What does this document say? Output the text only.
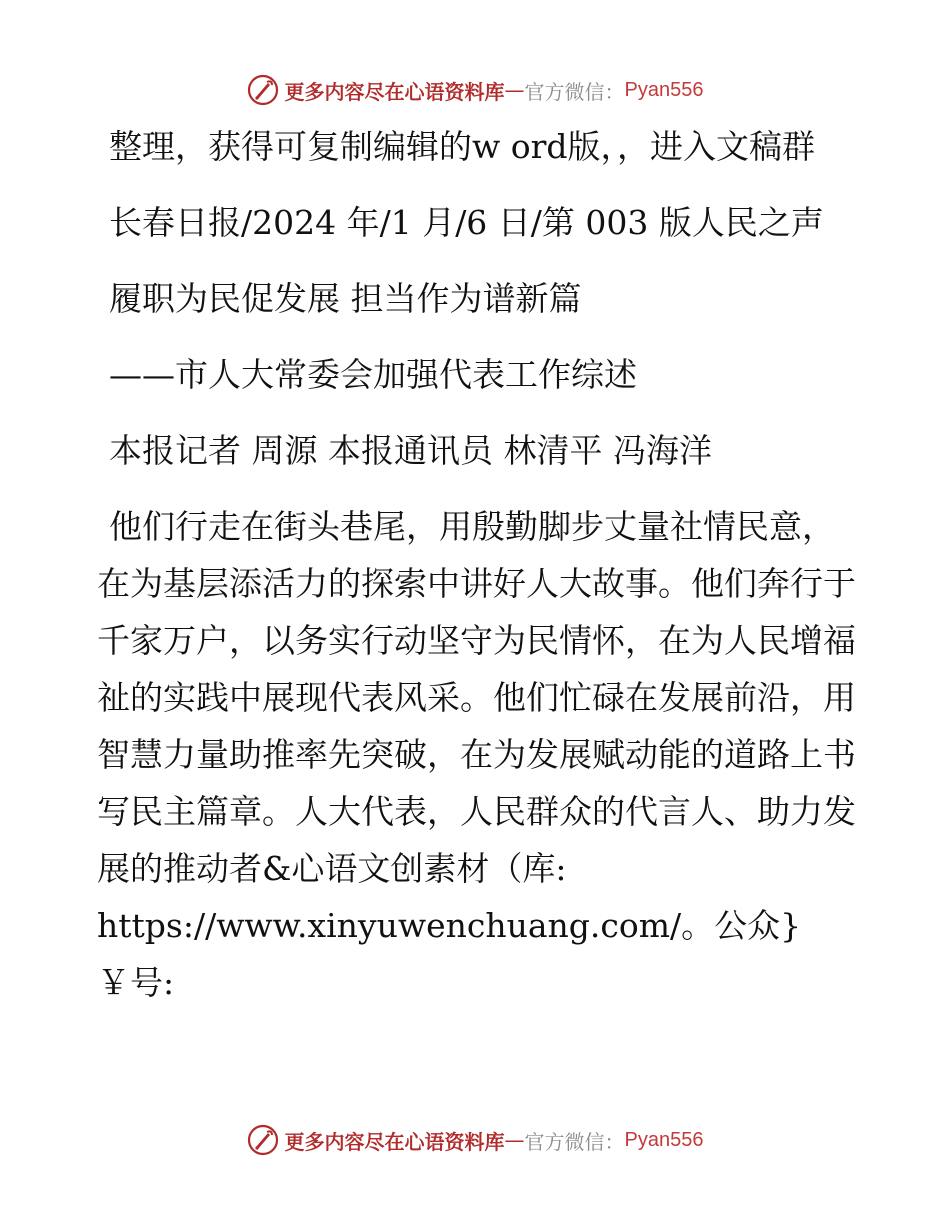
更多内容尽在心语资料库 — 官方微信： Pyan556

整理，获得可复制编辑的w ord版，，进入文稿群

长春日报/2024 年/1 月/6 日/第 003 版人民之声

履职为民促发展 担当作为谱新篇

——市人大常委会加强代表工作综述

本报记者 周源 本报通讯员 林清平 冯海洋

他们行走在街头巷尾，用殷勤脚步丈量社情民意，在为基层添活力的探索中讲好人大故事。他们奔行于千家万户，以务实行动坚守为民情怀，在为人民增福祉的实践中展现代表风采。他们忙碌在发展前沿，用智慧力量助推率先突破，在为发展赋动能的道路上书写民主篇章。人大代表，人民群众的代言人、助力发展的推动者&心语文创素材（库: https://www.xinyuwenchuang.com/。公众}￥号:

更多内容尽在心语资料库 — 官方微信： Pyan556
